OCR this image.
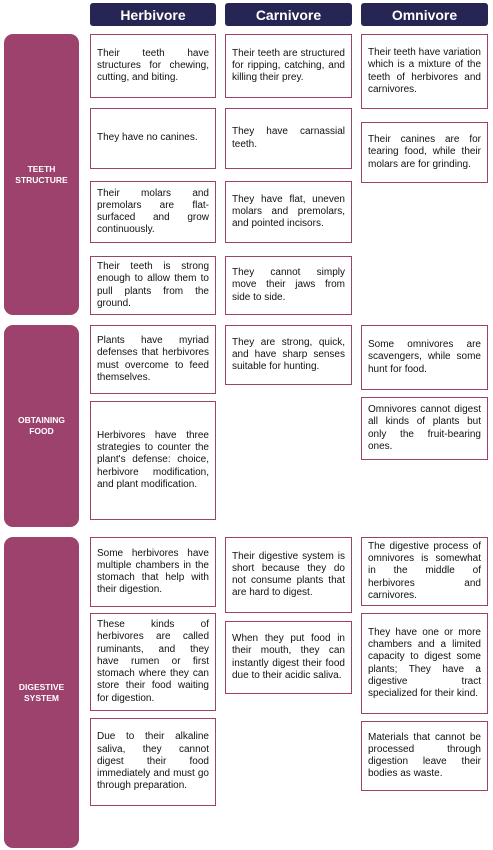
Herbivore	Carnivore	Omnivore
TEETH STRUCTURE
OBTAINING FOOD
DIGESTIVE SYSTEM
Their teeth have structures for chewing, cutting, and biting.
They have no canines.
Their molars and premolars are flat-surfaced and grow continuously.
Their teeth is strong enough to allow them to pull plants from the ground.
Their teeth are structured for ripping, catching, and killing their prey.
They have carnassial teeth.
They have flat, uneven molars and premolars, and pointed incisors.
They cannot simply move their jaws from side to side.
Their teeth have variation which is a mixture of the teeth of herbivores and carnivores.
Their canines are for tearing food, while their molars are for grinding.
Plants have myriad defenses that herbivores must overcome to feed themselves.
Herbivores have three strategies to counter the plant's defense: choice, herbivore modification, and plant modification.
They are strong, quick, and have sharp senses suitable for hunting.
Some omnivores are scavengers, while some hunt for food.
Omnivores cannot digest all kinds of plants but only the fruit-bearing ones.
Some herbivores have multiple chambers in the stomach that help with their digestion.
These kinds of herbivores are called ruminants, and they have rumen or first stomach where they can store their food waiting for digestion.
Due to their alkaline saliva, they cannot digest their food immediately and must go through preparation.
Their digestive system is short because they do not consume plants that are hard to digest.
When they put food in their mouth, they can instantly digest their food due to their acidic saliva.
The digestive process of omnivores is somewhat in the middle of herbivores and carnivores.
They have one or more chambers and a limited capacity to digest some plants; They have a digestive tract specialized for their kind.
Materials that cannot be processed through digestion leave their bodies as waste.
